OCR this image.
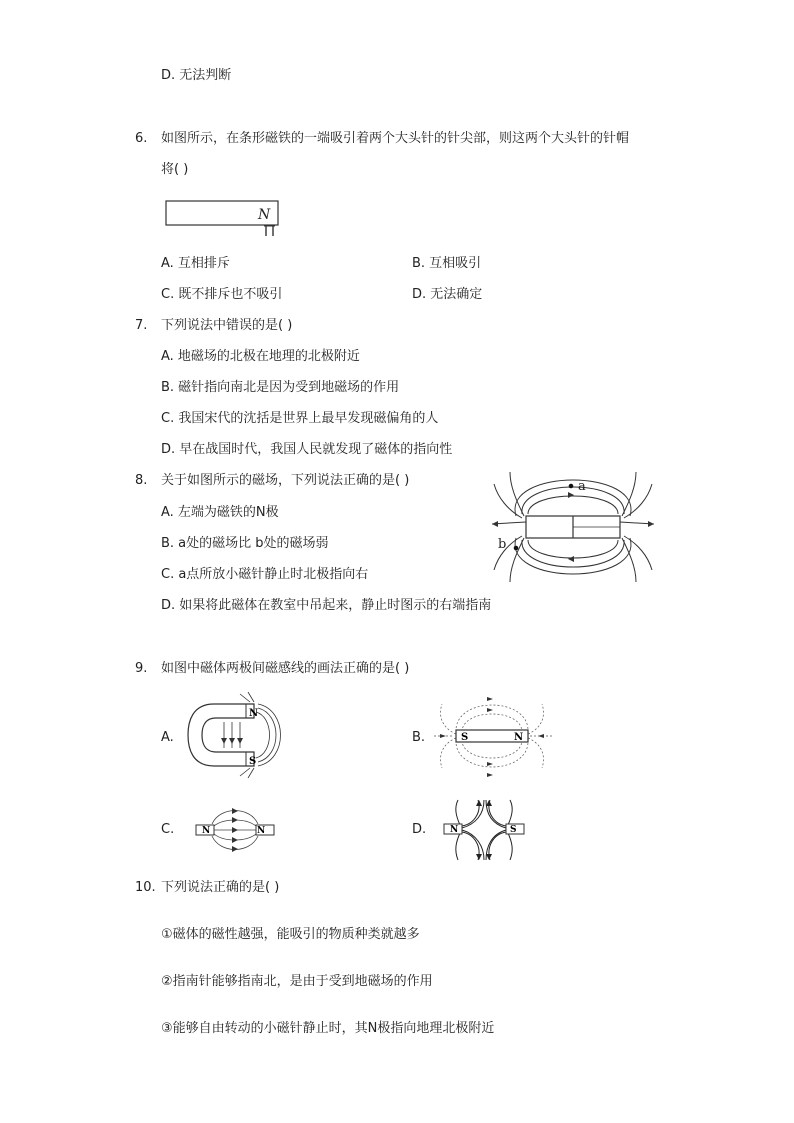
D. 无法判断
6. 如图所示，在条形磁铁的一端吸引着两个大头针的针尖部，则这两个大头针的针帽
将( )
N
A. 互相排斥	B. 互相吸引
C. 既不排斥也不吸引	D. 无法确定
7. 下列说法中错误的是( )
A. 地磁场的北极在地理的北极附近
B. 磁针指向南北是因为受到地磁场的作用
C. 我国宋代的沈括是世界上最早发现磁偏角的人
D. 早在战国时代，我国人民就发现了磁体的指向性
8. 关于如图所示的磁场，下列说法正确的是( )
A. 左端为磁铁的N极
B. a处的磁场比 b处的磁场弱
C. a点所放小磁针静止时北极指向右
D. 如果将此磁体在教室中吊起来，静止时图示的右端指南
a
b
9. 如图中磁体两极间磁感线的画法正确的是( )
A.
N
S
B.	S	N
C.	N	N	D.	N	S
10. 下列说法正确的是( )
①磁体的磁性越强，能吸引的物质种类就越多
②指南针能够指南北，是由于受到地磁场的作用
③能够自由转动的小磁针静止时，其N极指向地理北极附近
